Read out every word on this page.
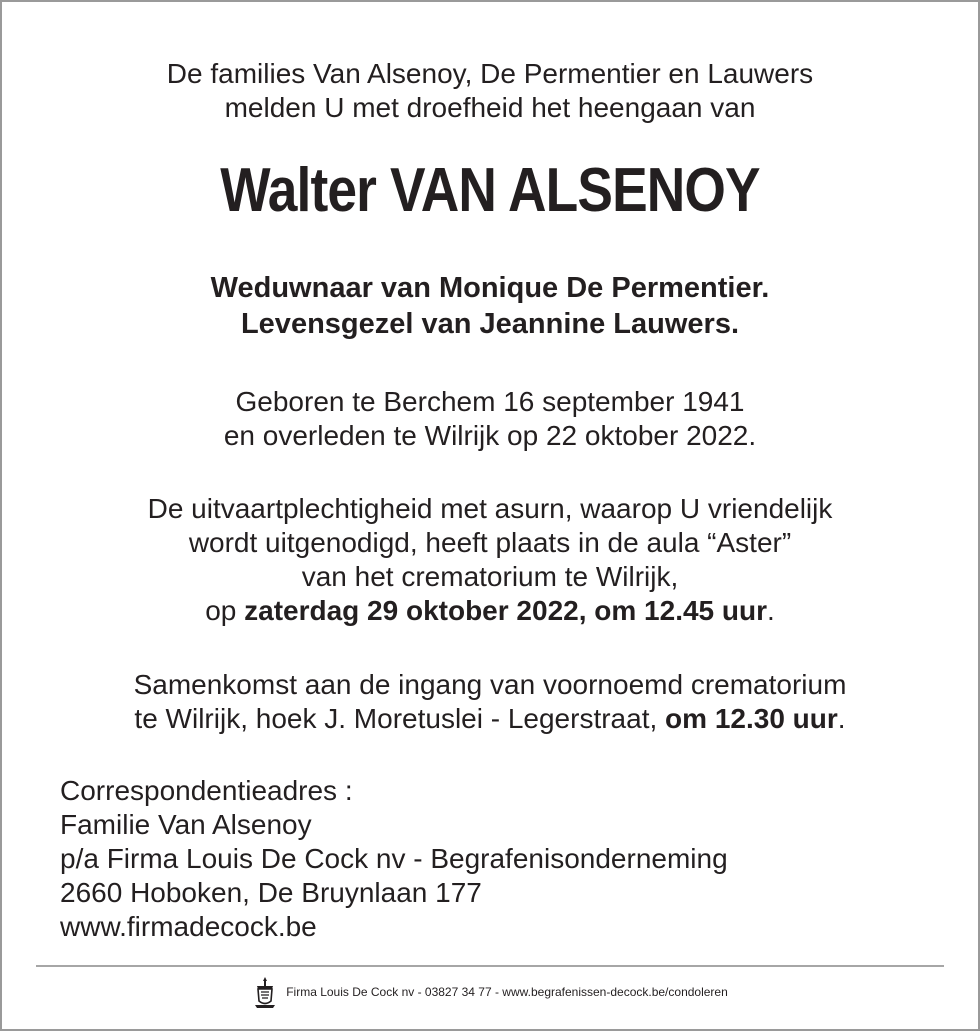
De families Van Alsenoy, De Permentier en Lauwers
melden U met droefheid het heengaan van
Walter VAN ALSENOY
Weduwnaar van Monique De Permentier.
Levensgezel van Jeannine Lauwers.
Geboren te Berchem 16 september 1941
en overleden te Wilrijk op 22 oktober 2022.
De uitvaartplechtigheid met asurn, waarop U vriendelijk
wordt uitgenodigd, heeft plaats in de aula “Aster”
van het crematorium te Wilrijk,
op zaterdag 29 oktober 2022, om 12.45 uur.
Samenkomst aan de ingang van voornoemd crematorium
te Wilrijk, hoek J. Moretuslei - Legerstraat, om 12.30 uur.
Correspondentieadres :
Familie Van Alsenoy
p/a Firma Louis De Cock nv - Begrafenisonderneming
2660 Hoboken, De Bruynlaan 177
www.firmadecock.be
Firma Louis De Cock nv - 03827 34 77 - www.begrafenissen-decock.be/condoleren
